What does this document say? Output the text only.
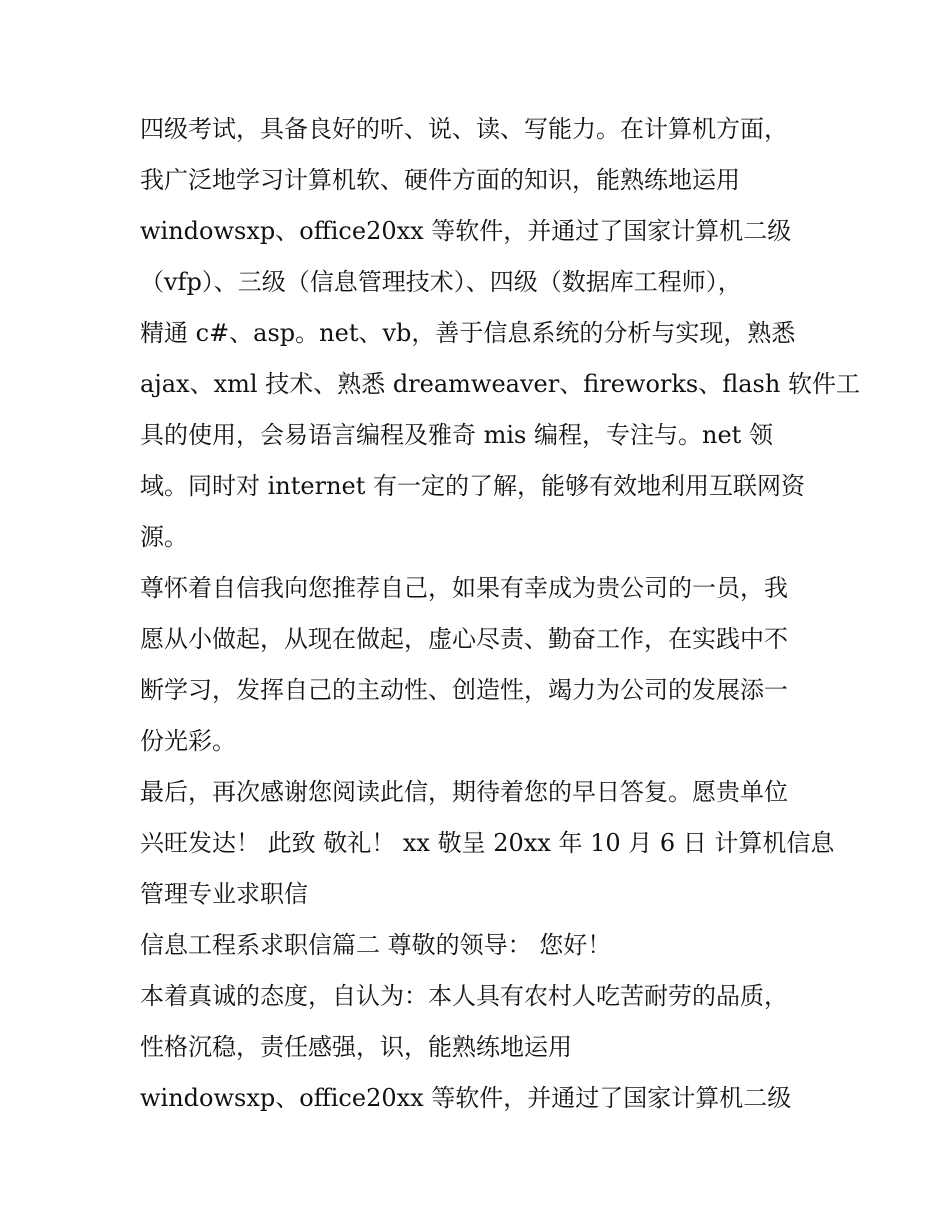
四级考试，具备良好的听、说、读、写能力。在计算机方面，
我广泛地学习计算机软、硬件方面的知识，能熟练地运用
windowsxp、office20xx 等软件，并通过了国家计算机二级
（vfp）、三级（信息管理技术）、四级（数据库工程师），
精通 c#、asp。net、vb，善于信息系统的分析与实现，熟悉
ajax、xml 技术、熟悉 dreamweaver、fireworks、flash 软件工
具的使用，会易语言编程及雅奇 mis 编程，专注与。net 领
域。同时对 internet 有一定的了解，能够有效地利用互联网资
源。
尊怀着自信我向您推荐自己，如果有幸成为贵公司的一员，我
愿从小做起，从现在做起，虚心尽责、勤奋工作，在实践中不
断学习，发挥自己的主动性、创造性，竭力为公司的发展添一
份光彩。
最后，再次感谢您阅读此信，期待着您的早日答复。愿贵单位
兴旺发达！ 此致 敬礼！ xx 敬呈 20xx 年 10 月 6 日 计算机信息
管理专业求职信
信息工程系求职信篇二 尊敬的领导： 您好！
本着真诚的态度，自认为：本人具有农村人吃苦耐劳的品质，
性格沉稳，责任感强，识，能熟练地运用
windowsxp、office20xx 等软件，并通过了国家计算机二级
